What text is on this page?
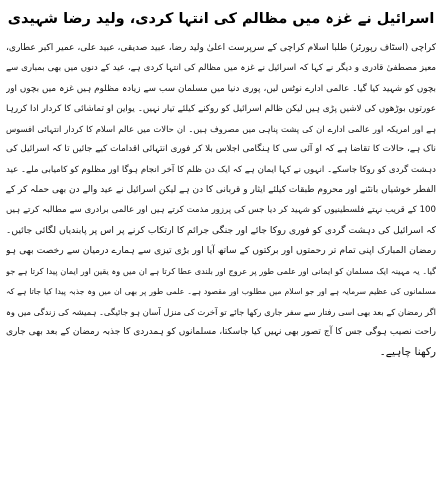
اسرائیل نے غزہ میں مظالم کی انتہا کردی، ولید رضا شہیدی
کراچی (اسٹاف رپورٹر) طلبا اسلام کراچی کے سرپرست اعلیٰ ولید رضا، عبید صدیقی، عبید علی، عمیر اکبر عطاری،
معیز مصطفیٰ قادری و دیگر نے کہا کہ اسرائیل نے غزہ میں مظالم کی انتہا کردی ہے، عید کے دنوں میں بھی بمباری سے
بچوں کو شہید کیا گیا۔ عالمی ادارے نوٹس لیں، پوری دنیا میں مسلمان سب سے زیادہ مظلوم ہیں غزہ میں بچوں اور
عورتوں بوڑھوں کی لاشیں پڑی ہیں لیکن ظالم اسرائیل کو روکنے کیلئے تیار نہیں۔ یواین او تماشائی کا کردار ادا کررہا
ہے اور امریکہ اور عالمی ادارے ان کی پشت پناہی میں مصروف ہیں۔ ان حالات میں عالم اسلام کا کردار انتہائی افسوس
ناک ہے، حالات کا تقاضا ہے کہ او آئی سی کا ہنگامی اجلاس بلا کر فوری انتہائی اقدامات کیے جائیں تا کہ اسرائیل کی
دہشت گردی کو روکا جاسکے۔ انہوں نے کہا ایمان ہے کہ ایک دن ظلم کا آخر انجام ہوگا اور مظلوم کو کامیابی ملے۔ عید
الفطر خوشیاں بانٹنے اور محروم طبقات کیلئے ایثار و قربانی کا دن ہے لیکن اسرائیل نے عید والے دن بھی حملہ کر کے
100 کے قریب نہتے فلسطینیوں کو شہید کر دیا جس کی پرزور مذمت کرتے ہیں اور عالمی برادری سے مطالبہ کرتے ہیں
کہ اسرائیل کی دہشت گردی کو فوری روکا جائے اور جنگی جرائم کا ارتکاب کرنے پر اس پر پابندیاں لگائی جائیں۔
رمضان المبارک اپنی تمام تر رحمتوں اور برکتوں کے ساتھ آیا اور بڑی تیزی سے ہمارے درمیان سے رخصت بھی ہو
گیا۔ یہ مہینہ ایک مسلمان کو ایمانی اور علمی طور پر عروج اور بلندی عطا کرتا ہے ان میں وہ یقین اور ایمان پیدا کرتا ہے جو
مسلمانوں کی عظیم سرمایہ ہے اور جو اسلام میں مطلوب اور مقصود ہے۔ علمی طور پر بھی ان میں وہ جذبہ پیدا کیا جاتا ہے کہ
اگر رمضان کے بعد بھی اسی رفتار سے سفر جاری رکھا جائے تو آخرت کی منزل آسان ہو جائیگی۔ ہمیشہ کی زندگی میں وہ
راحت نصیب ہوگی جس کا آج تصور بھی نہیں کیا جاسکتا، مسلمانوں کو ہمدردی کا جذبہ رمضان کے بعد بھی جاری
رکھنا چاہیے۔
